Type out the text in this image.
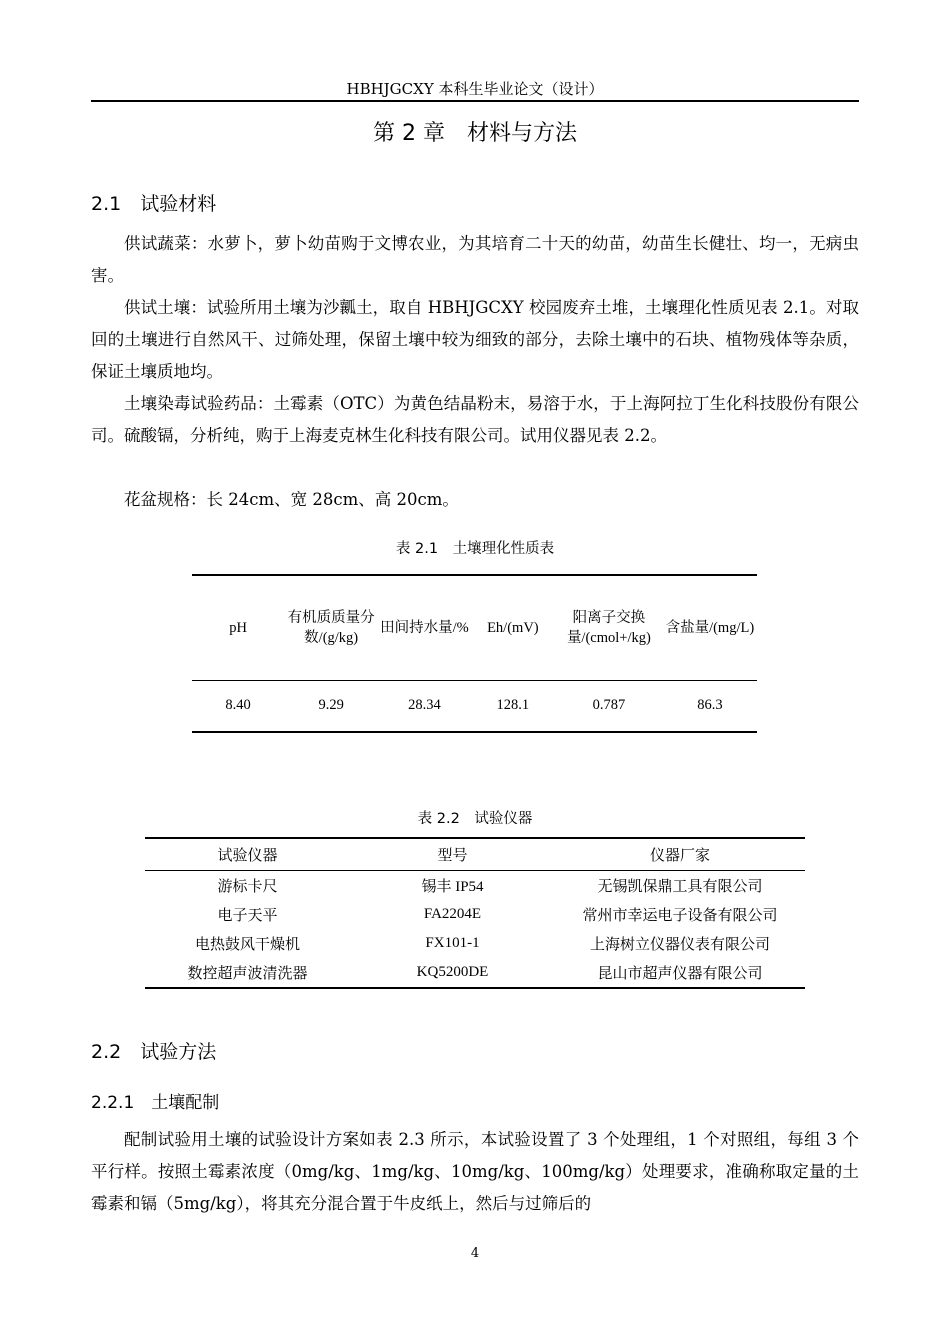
HBHJGCXY 本科生毕业论文（设计）
第 2 章　材料与方法
2.1　试验材料
供试蔬菜：水萝卜，萝卜幼苗购于文博农业，为其培育二十天的幼苗，幼苗生长健壮、均一，无病虫害。
供试土壤：试验所用土壤为沙瓤土，取自 HBHJGCXY 校园废弃土堆，土壤理化性质见表 2.1。对取回的土壤进行自然风干、过筛处理，保留土壤中较为细致的部分，去除土壤中的石块、植物残体等杂质，保证土壤质地均。
土壤染毒试验药品：土霉素（OTC）为黄色结晶粉末，易溶于水，于上海阿拉丁生化科技股份有限公司。硫酸镉，分析纯，购于上海麦克林生化科技有限公司。试用仪器见表 2.2。
花盆规格：长 24cm、宽 28cm、高 20cm。
表 2.1　土壤理化性质表
pH	有机质质量分数/(g/kg)	田间持水量/%	Eh/(mV)	阳离子交换量/(cmol+/kg)	含盐量/(mg/L)
8.40	9.29	28.34	128.1	0.787	86.3
表 2.2　试验仪器
试验仪器	型号	仪器厂家
游标卡尺	锡丰 IP54	无锡凯保鼎工具有限公司
电子天平	FA2204E	常州市幸运电子设备有限公司
电热鼓风干燥机	FX101-1	上海树立仪器仪表有限公司
数控超声波清洗器	KQ5200DE	昆山市超声仪器有限公司
2.2　试验方法
2.2.1　土壤配制
配制试验用土壤的试验设计方案如表 2.3 所示，本试验设置了 3 个处理组，1 个对照组，每组 3 个平行样。按照土霉素浓度（0mg/kg、1mg/kg、10mg/kg、100mg/kg）处理要求，准确称取定量的土霉素和镉（5mg/kg），将其充分混合置于牛皮纸上，然后与过筛后的
4
